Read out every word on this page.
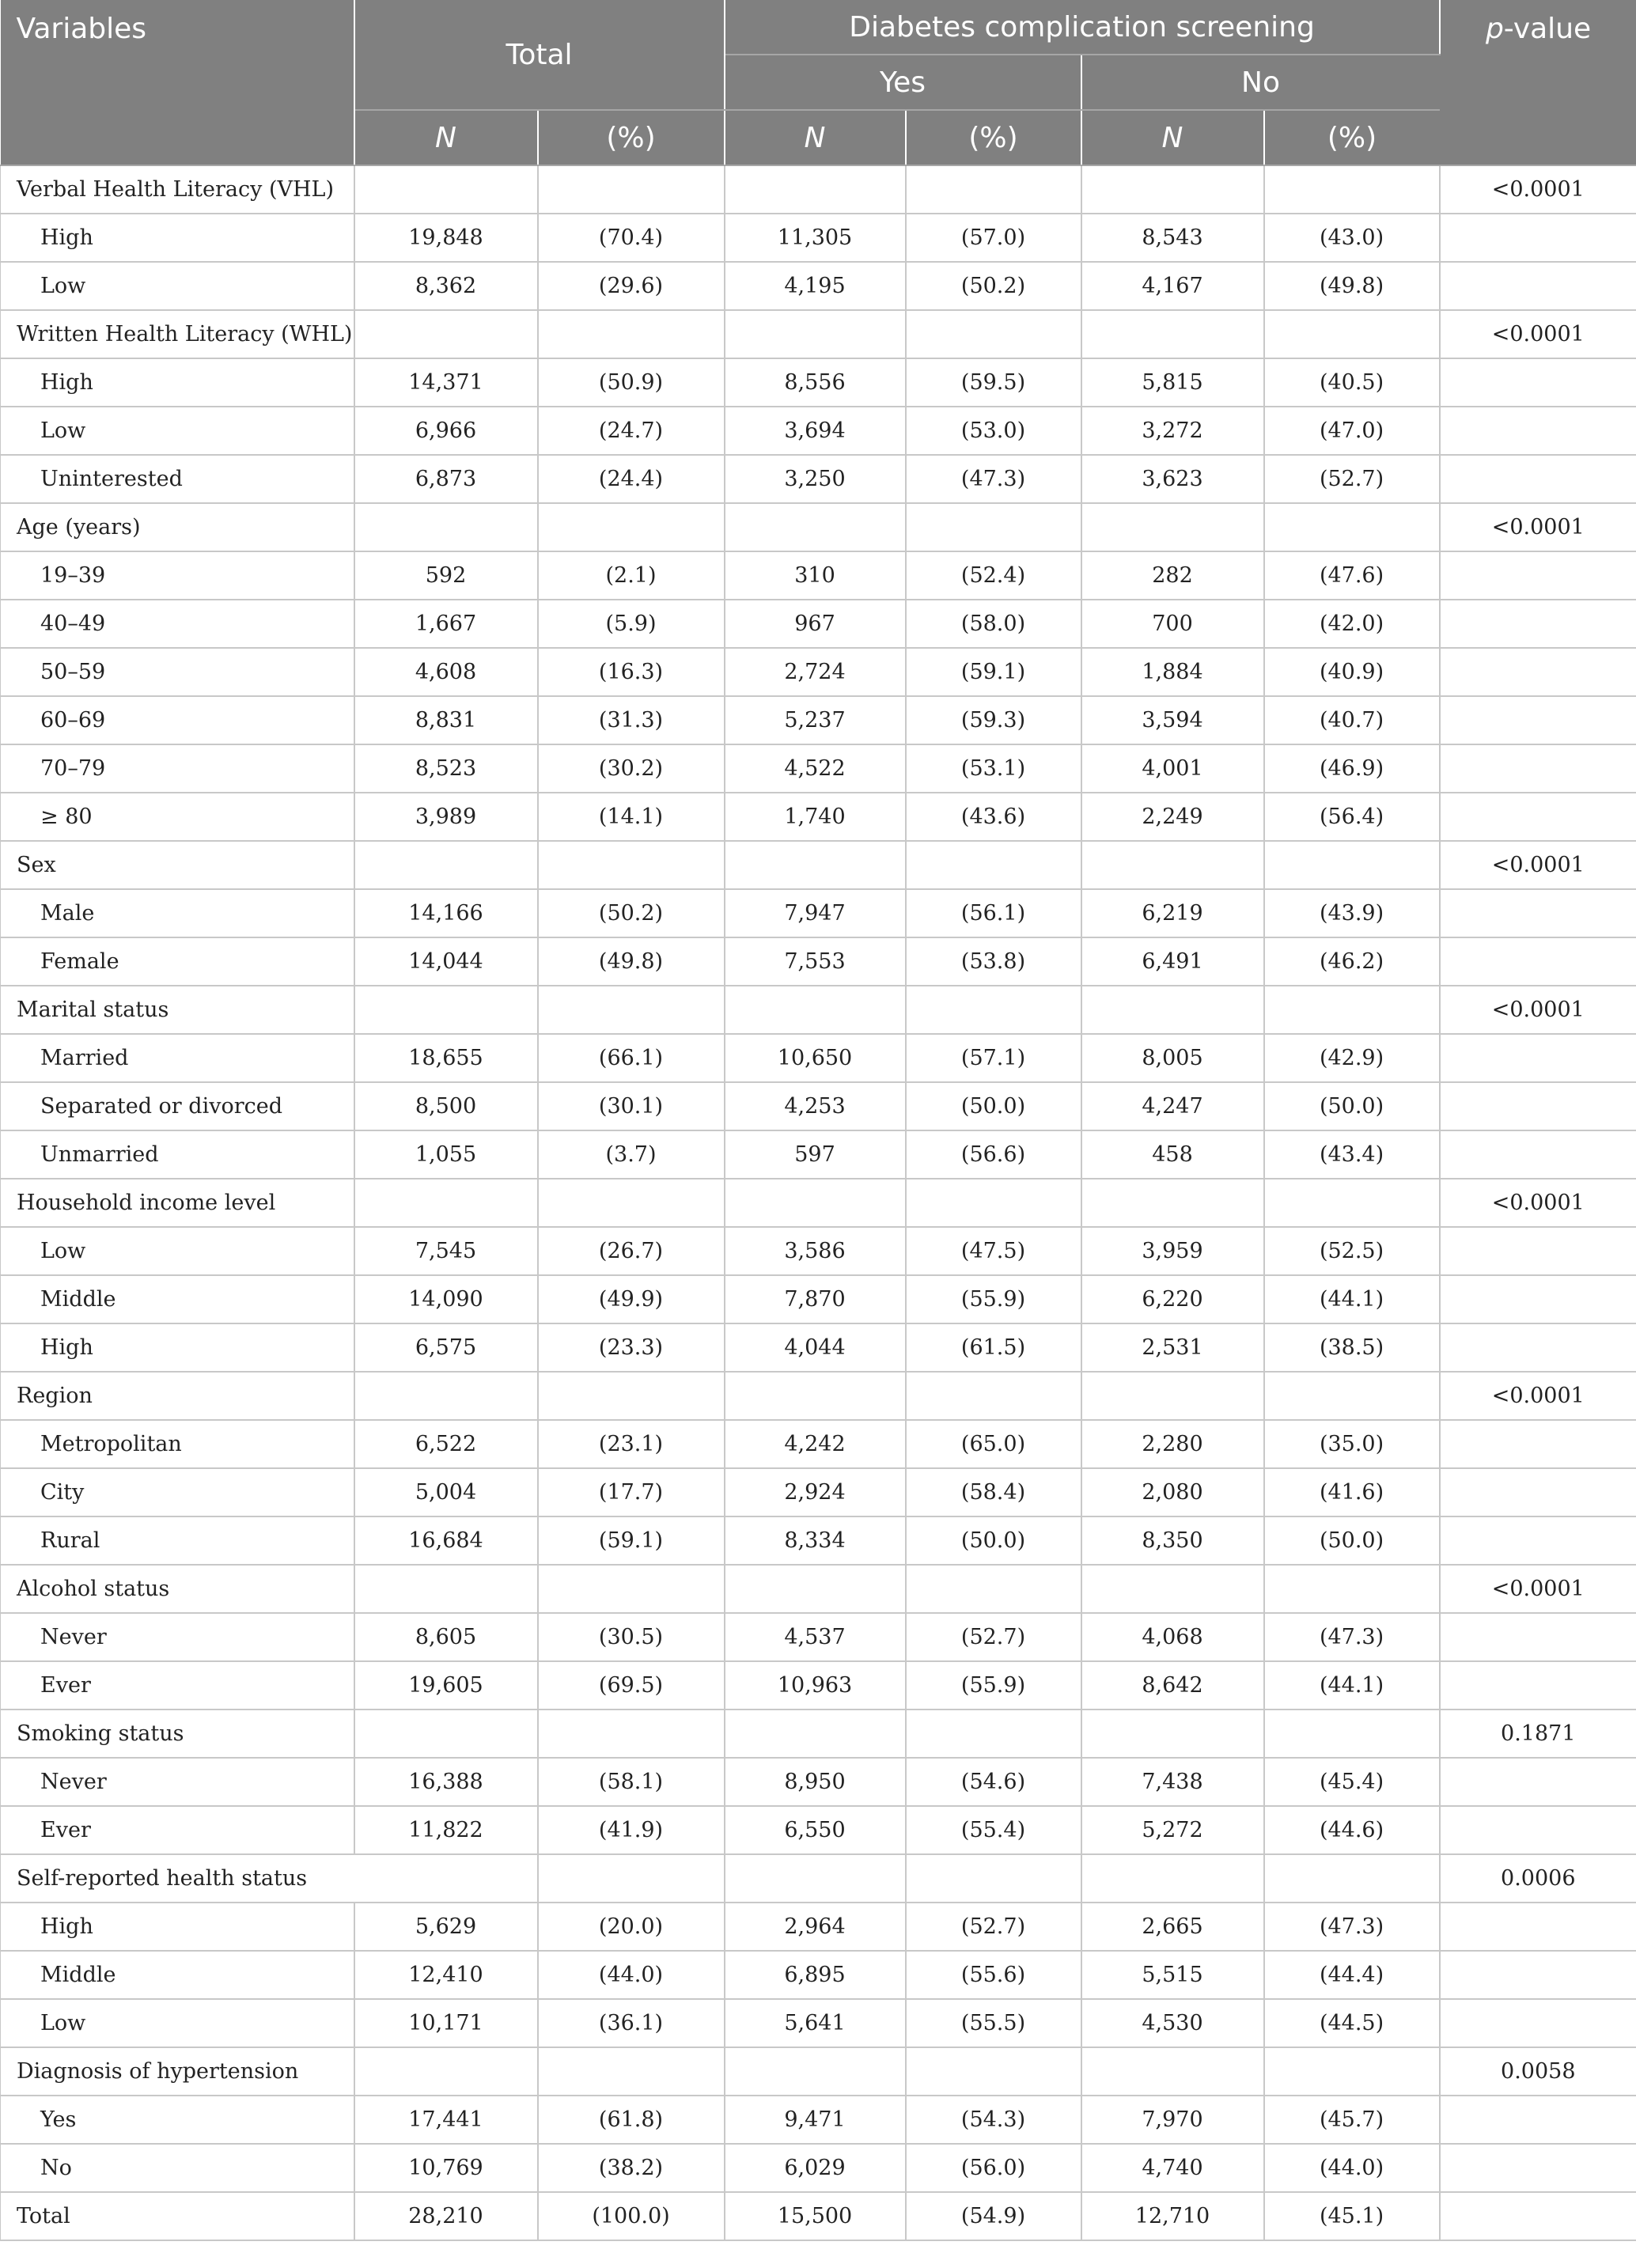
Variables	Total		Diabetes complication screening				p-value
			Yes		No		
	N	(%)	N	(%)	N	(%)	
Verbal Health Literacy (VHL)							<0.0001
High	19,848	(70.4)	11,305	(57.0)	8,543	(43.0)	
Low	8,362	(29.6)	4,195	(50.2)	4,167	(49.8)	
Written Health Literacy (WHL)							<0.0001
High	14,371	(50.9)	8,556	(59.5)	5,815	(40.5)	
Low	6,966	(24.7)	3,694	(53.0)	3,272	(47.0)	
Uninterested	6,873	(24.4)	3,250	(47.3)	3,623	(52.7)	
Age (years)							<0.0001
19–39	592	(2.1)	310	(52.4)	282	(47.6)	
40–49	1,667	(5.9)	967	(58.0)	700	(42.0)	
50–59	4,608	(16.3)	2,724	(59.1)	1,884	(40.9)	
60–69	8,831	(31.3)	5,237	(59.3)	3,594	(40.7)	
70–79	8,523	(30.2)	4,522	(53.1)	4,001	(46.9)	
≥ 80	3,989	(14.1)	1,740	(43.6)	2,249	(56.4)	
Sex							<0.0001
Male	14,166	(50.2)	7,947	(56.1)	6,219	(43.9)	
Female	14,044	(49.8)	7,553	(53.8)	6,491	(46.2)	
Marital status							<0.0001
Married	18,655	(66.1)	10,650	(57.1)	8,005	(42.9)	
Separated or divorced	8,500	(30.1)	4,253	(50.0)	4,247	(50.0)	
Unmarried	1,055	(3.7)	597	(56.6)	458	(43.4)	
Household income level							<0.0001
Low	7,545	(26.7)	3,586	(47.5)	3,959	(52.5)	
Middle	14,090	(49.9)	7,870	(55.9)	6,220	(44.1)	
High	6,575	(23.3)	4,044	(61.5)	2,531	(38.5)	
Region							<0.0001
Metropolitan	6,522	(23.1)	4,242	(65.0)	2,280	(35.0)	
City	5,004	(17.7)	2,924	(58.4)	2,080	(41.6)	
Rural	16,684	(59.1)	8,334	(50.0)	8,350	(50.0)	
Alcohol status							<0.0001
Never	8,605	(30.5)	4,537	(52.7)	4,068	(47.3)	
Ever	19,605	(69.5)	10,963	(55.9)	8,642	(44.1)	
Smoking status							0.1871
Never	16,388	(58.1)	8,950	(54.6)	7,438	(45.4)	
Ever	11,822	(41.9)	6,550	(55.4)	5,272	(44.6)	
Self-reported health status							0.0006
High	5,629	(20.0)	2,964	(52.7)	2,665	(47.3)	
Middle	12,410	(44.0)	6,895	(55.6)	5,515	(44.4)	
Low	10,171	(36.1)	5,641	(55.5)	4,530	(44.5)	
Diagnosis of hypertension							0.0058
Yes	17,441	(61.8)	9,471	(54.3)	7,970	(45.7)	
No	10,769	(38.2)	6,029	(56.0)	4,740	(44.0)	
Total	28,210	(100.0)	15,500	(54.9)	12,710	(45.1)	
